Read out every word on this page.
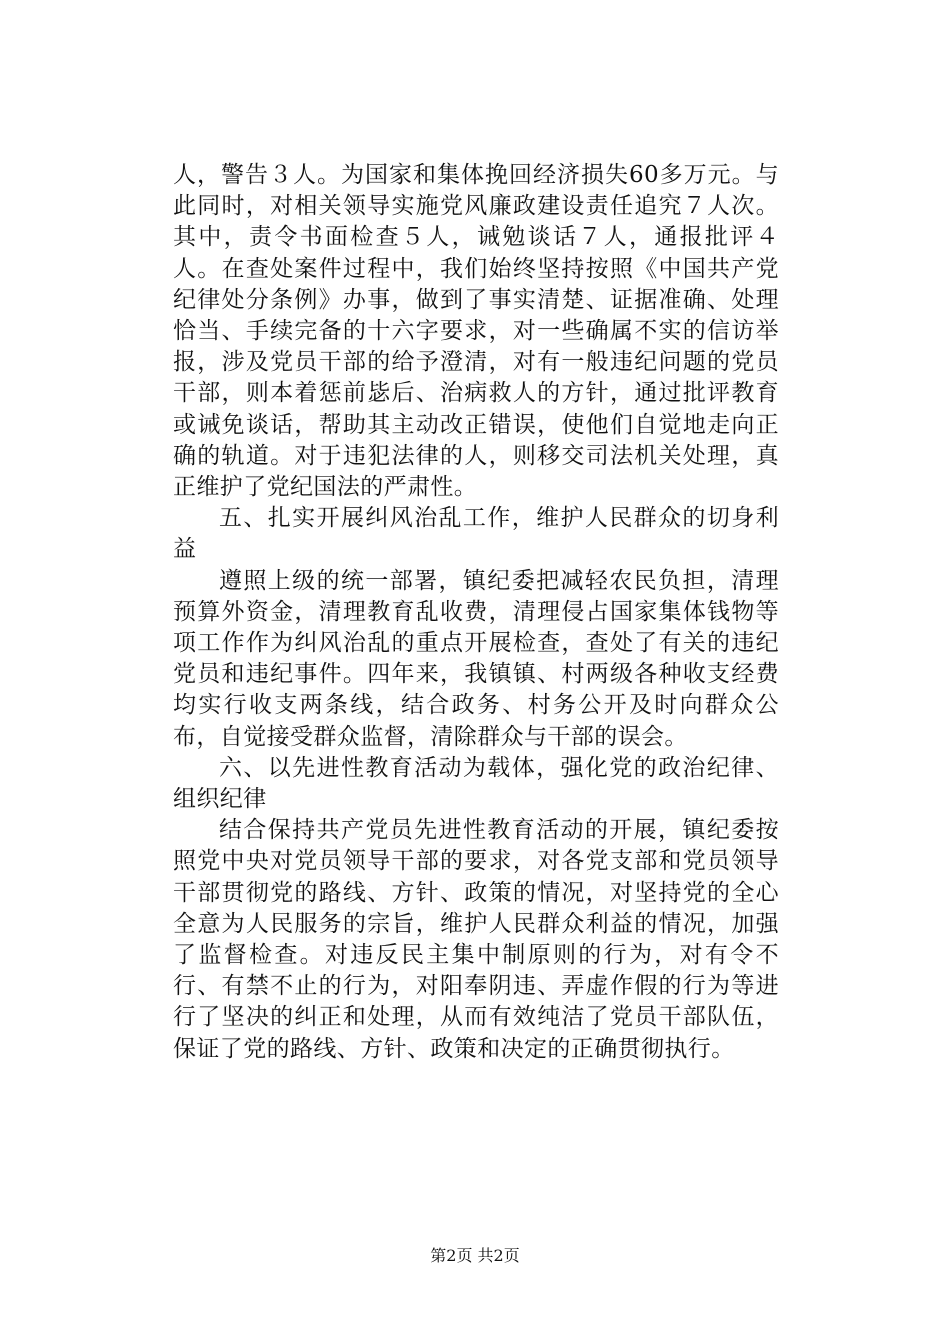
人，警告３人。为国家和集体挽回经济损失60多万元。与此同时，对相关领导实施党风廉政建设责任追究７人次。其中，责令书面检查５人，诫勉谈话７人，通报批评４人。在查处案件过程中，我们始终坚持按照《中国共产党纪律处分条例》办事，做到了事实清楚、证据准确、处理恰当、手续完备的十六字要求，对一些确属不实的信访举报，涉及党员干部的给予澄清，对有一般违纪问题的党员干部，则本着惩前毖后、治病救人的方针，通过批评教育或诫免谈话，帮助其主动改正错误，使他们自觉地走向正确的轨道。对于违犯法律的人，则移交司法机关处理，真正维护了党纪国法的严肃性。

五、扎实开展纠风治乱工作，维护人民群众的切身利益

遵照上级的统一部署，镇纪委把减轻农民负担，清理预算外资金，清理教育乱收费，清理侵占国家集体钱物等项工作作为纠风治乱的重点开展检查，查处了有关的违纪党员和违纪事件。四年来，我镇镇、村两级各种收支经费均实行收支两条线，结合政务、村务公开及时向群众公布，自觉接受群众监督，清除群众与干部的误会。

六、以先进性教育活动为载体，强化党的政治纪律、组织纪律

结合保持共产党员先进性教育活动的开展，镇纪委按照党中央对党员领导干部的要求，对各党支部和党员领导干部贯彻党的路线、方针、政策的情况，对坚持党的全心全意为人民服务的宗旨，维护人民群众利益的情况，加强了监督检查。对违反民主集中制原则的行为，对有令不行、有禁不止的行为，对阳奉阴违、弄虚作假的行为等进行了坚决的纠正和处理，从而有效纯洁了党员干部队伍，保证了党的路线、方针、政策和决定的正确贯彻执行。

第2页 共2页
